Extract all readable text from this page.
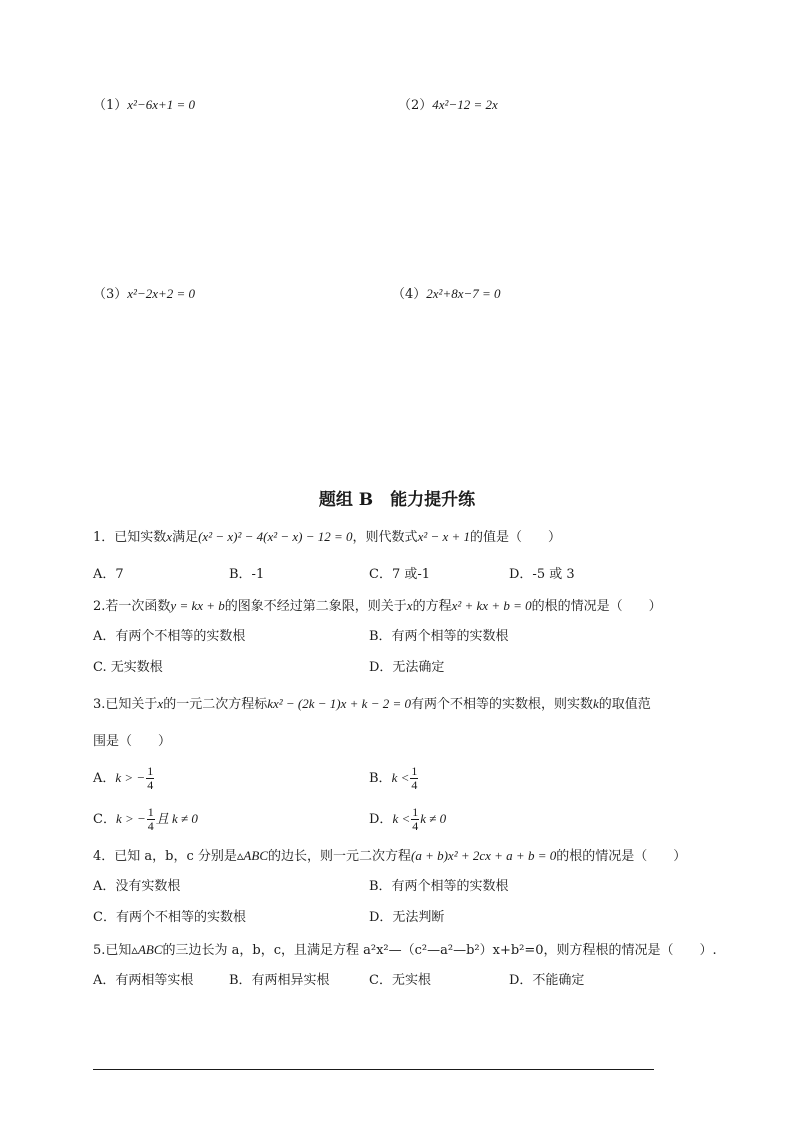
（1）x²−6x+1 = 0	（2）4x²−12 = 2x
（3）x²−2x+2 = 0	（4）2x²+8x−7 = 0
题组 B　能力提升练
1．已知实数x满足(x² − x)² − 4(x² − x) − 12 = 0，则代数式x² − x + 1的值是（　　）
A．7	B．-1	C．7 或-1	D．-5 或 3
2.若一次函数y = kx + b的图象不经过第二象限，则关于x的方程x² + kx + b = 0的根的情况是（　　）
A．有两个不相等的实数根	B．有两个相等的实数根
C. 无实数根	D．无法确定
3.已知关于x的一元二次方程标kx² − (2k − 1)x + k − 2 = 0有两个不相等的实数根，则实数k的取值范
围是（　　）
A．k > − $\frac{1}{4}$	B．$k < \frac{1}{4}$
C．k > − $\frac{1}{4}$ 且 k ≠ 0	D．$k < \frac{1}{4}$ k ≠ 0
4．已知 a，b，c 分别是▵ABC的边长，则一元二次方程(a + b)x² + 2cx + a + b = 0的根的情况是（　　）
A．没有实数根	B．有两个相等的实数根
C．有两个不相等的实数根	D．无法判断
5.已知▵ABC的三边长为 a，b，c，且满足方程 a²x²—（c²—a²—b²）x+b²=0，则方程根的情况是（　　）.
A．有两相等实根	B．有两相异实根	C．无实根	D．不能确定
